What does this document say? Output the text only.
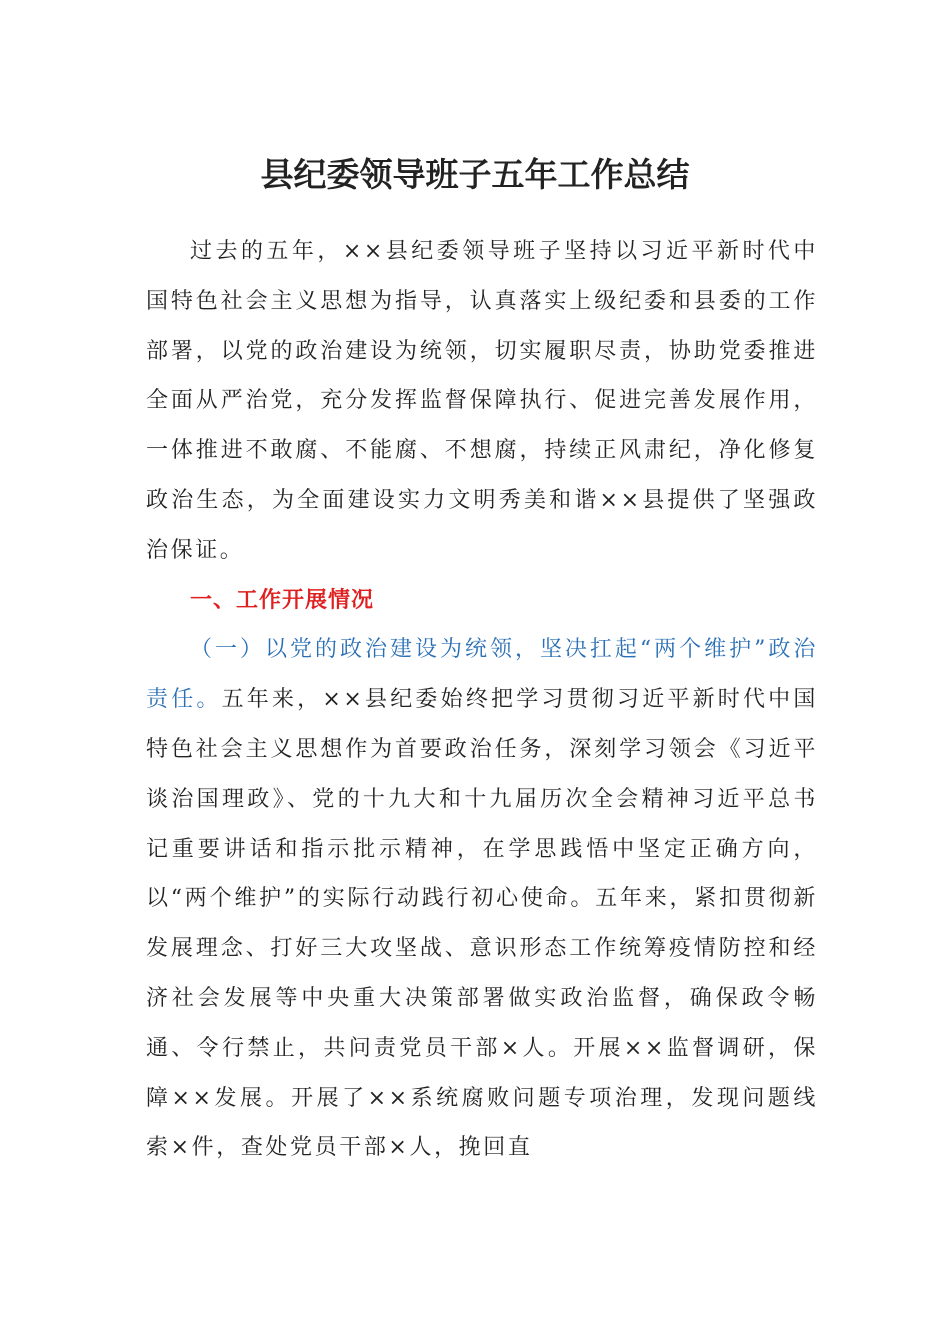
县纪委领导班子五年工作总结

过去的五年，××县纪委领导班子坚持以习近平新时代中国特色社会主义思想为指导，认真落实上级纪委和县委的工作部署，以党的政治建设为统领，切实履职尽责，协助党委推进全面从严治党，充分发挥监督保障执行、促进完善发展作用，一体推进不敢腐、不能腐、不想腐，持续正风肃纪，净化修复政治生态，为全面建设实力文明秀美和谐××县提供了坚强政治保证。

一、工作开展情况

（一）以党的政治建设为统领，坚决扛起“两个维护”政治责任。五年来，××县纪委始终把学习贯彻习近平新时代中国特色社会主义思想作为首要政治任务，深刻学习领会《习近平谈治国理政》、党的十九大和十九届历次全会精神习近平总书记重要讲话和指示批示精神，在学思践悟中坚定正确方向，以“两个维护”的实际行动践行初心使命。五年来，紧扣贯彻新发展理念、打好三大攻坚战、意识形态工作统筹疫情防控和经济社会发展等中央重大决策部署做实政治监督，确保政令畅通、令行禁止，共问责党员干部×人。开展××监督调研，保障××发展。开展了××系统腐败问题专项治理，发现问题线索×件，查处党员干部×人，挽回直
